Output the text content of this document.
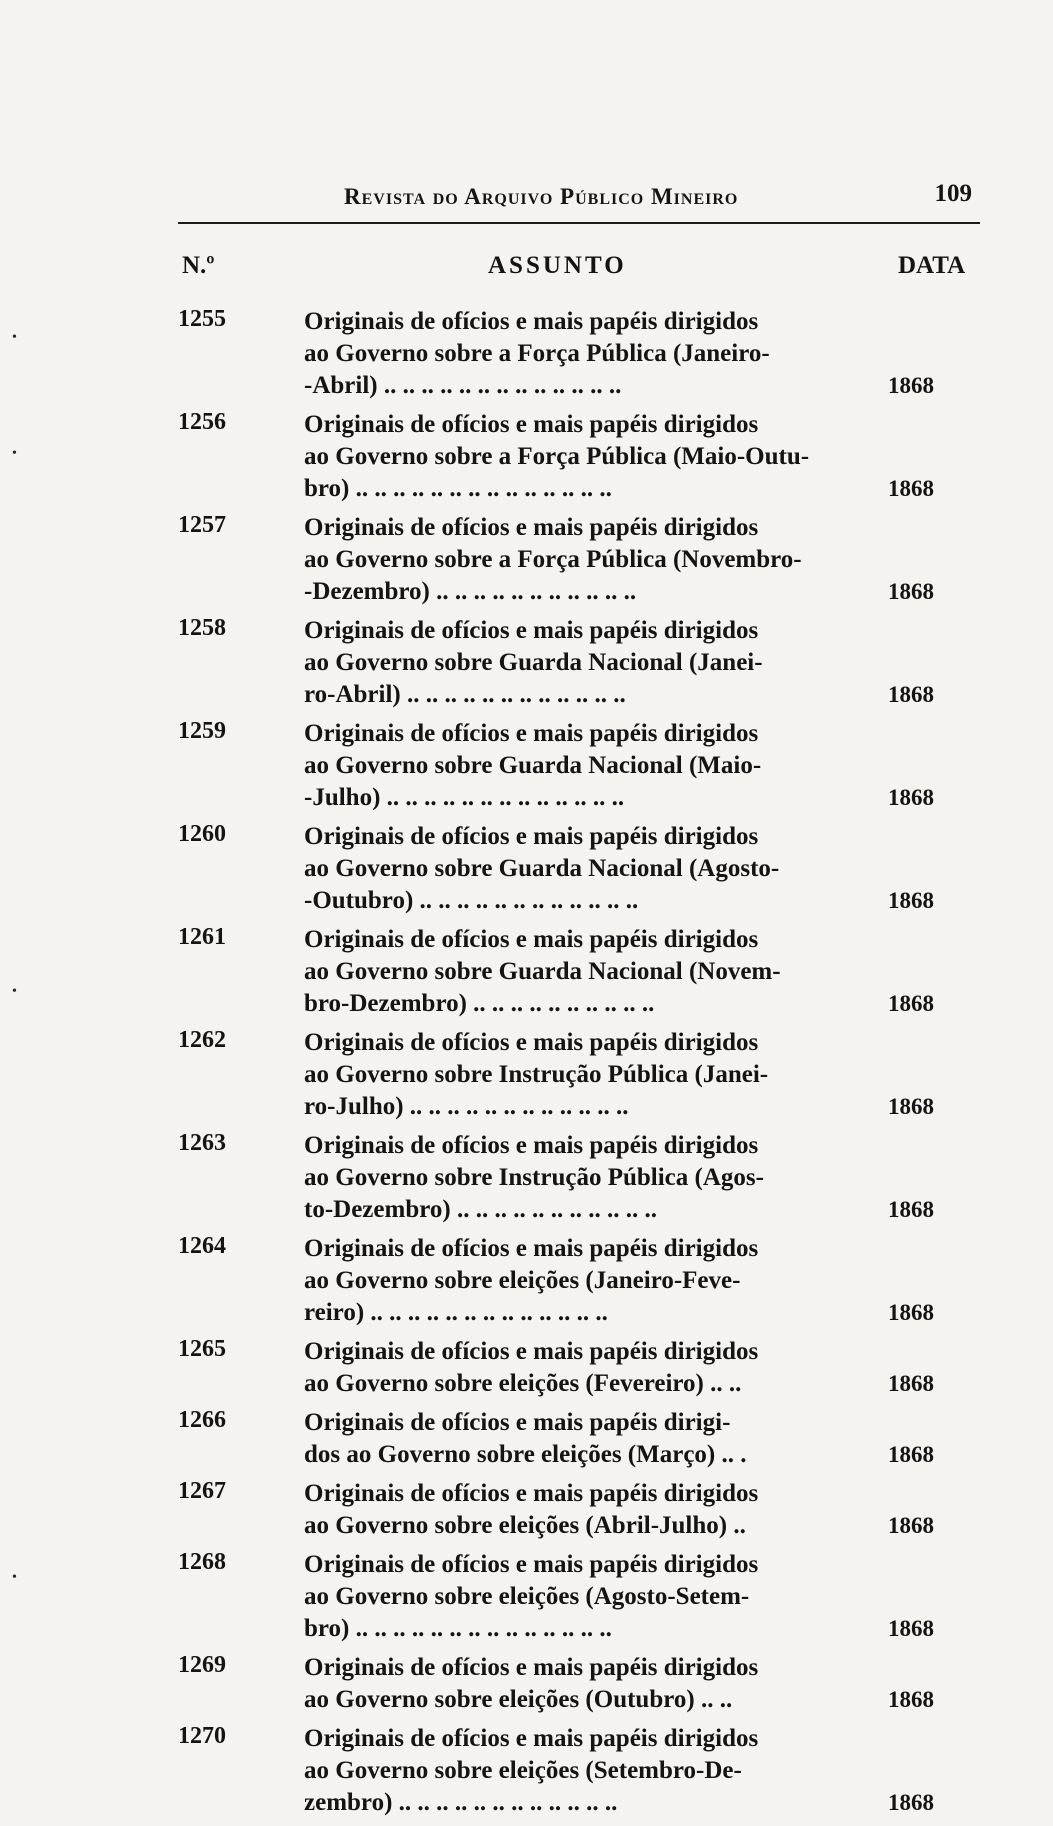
Revista do Arquivo Público Mineiro	109
N.º	ASSUNTO	DATA
•
•
•
•
1255	Originais de ofícios e mais papéis dirigidos
ao Governo sobre a Força Pública (Janeiro-
-Abril) .. .. .. .. .. .. .. .. .. .. .. .. ..	1868
1256	Originais de ofícios e mais papéis dirigidos
ao Governo sobre a Força Pública (Maio-Outu-
bro) .. .. .. .. .. .. .. .. .. .. .. .. .. ..	1868
1257	Originais de ofícios e mais papéis dirigidos
ao Governo sobre a Força Pública (Novembro-
-Dezembro) .. .. .. .. .. .. .. .. .. .. ..	1868
1258	Originais de ofícios e mais papéis dirigidos
ao Governo sobre Guarda Nacional (Janei-
ro-Abril) .. .. .. .. .. .. .. .. .. .. .. ..	1868
1259	Originais de ofícios e mais papéis dirigidos
ao Governo sobre Guarda Nacional (Maio-
-Julho) .. .. .. .. .. .. .. .. .. .. .. .. ..	1868
1260	Originais de ofícios e mais papéis dirigidos
ao Governo sobre Guarda Nacional (Agosto-
-Outubro) .. .. .. .. .. .. .. .. .. .. .. ..	1868
1261	Originais de ofícios e mais papéis dirigidos
ao Governo sobre Guarda Nacional (Novem-
bro-Dezembro) .. .. .. .. .. .. .. .. .. ..	1868
1262	Originais de ofícios e mais papéis dirigidos
ao Governo sobre Instrução Pública (Janei-
ro-Julho) .. .. .. .. .. .. .. .. .. .. .. ..	1868
1263	Originais de ofícios e mais papéis dirigidos
ao Governo sobre Instrução Pública (Agos-
to-Dezembro) .. .. .. .. .. .. .. .. .. .. ..	1868
1264	Originais de ofícios e mais papéis dirigidos
ao Governo sobre eleições (Janeiro-Feve-
reiro) .. .. .. .. .. .. .. .. .. .. .. .. ..	1868
1265	Originais de ofícios e mais papéis dirigidos
ao Governo sobre eleições (Fevereiro) .. ..	1868
1266	Originais de ofícios e mais papéis dirigi-
dos ao Governo sobre eleições (Março) .. .	1868
1267	Originais de ofícios e mais papéis dirigidos
ao Governo sobre eleições (Abril-Julho) ..	1868
1268	Originais de ofícios e mais papéis dirigidos
ao Governo sobre eleições (Agosto-Setem-
bro) .. .. .. .. .. .. .. .. .. .. .. .. .. ..	1868
1269	Originais de ofícios e mais papéis dirigidos
ao Governo sobre eleições (Outubro) .. ..	1868
1270	Originais de ofícios e mais papéis dirigidos
ao Governo sobre eleições (Setembro-De-
zembro) .. .. .. .. .. .. .. .. .. .. .. ..	1868
